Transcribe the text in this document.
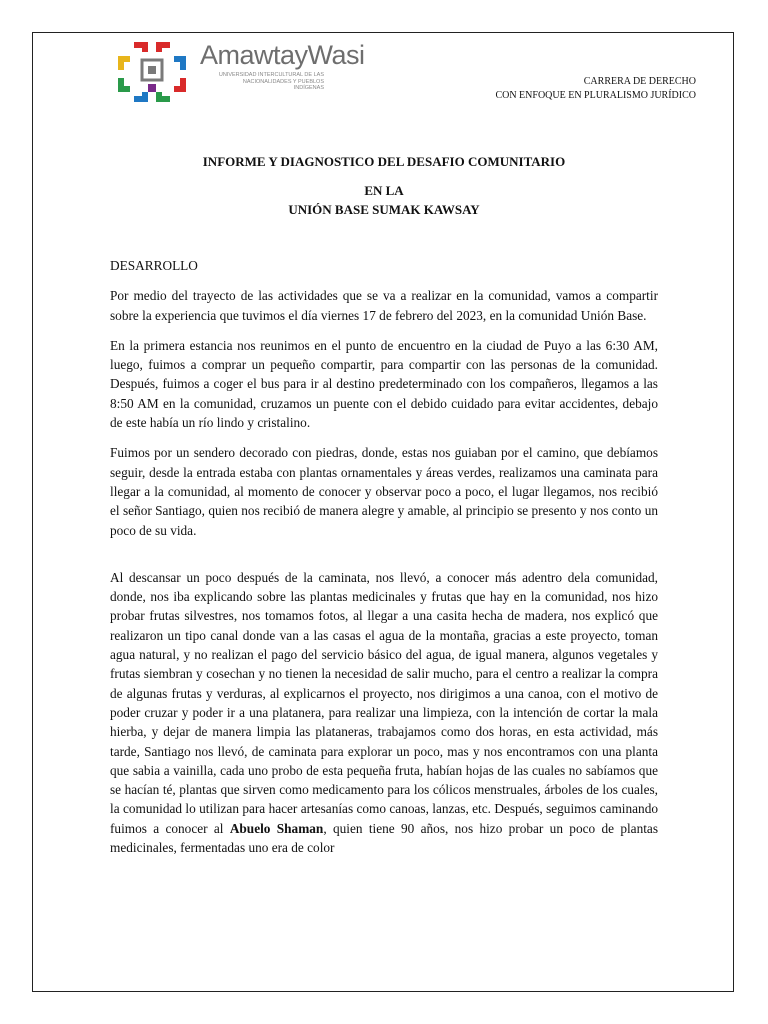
AmawtayWasi
UNIVERSIDAD INTERCULTURAL DE LAS NACIONALIDADES Y PUEBLOS INDÍGENAS
CARRERA DE DERECHO
CON ENFOQUE EN PLURALISMO JURÍDICO
INFORME Y DIAGNOSTICO DEL DESAFIO COMUNITARIO
EN LA
UNIÓN BASE SUMAK KAWSAY

DESARROLLO

Por medio del trayecto de las actividades que se va a realizar en la comunidad, vamos a compartir sobre la experiencia que tuvimos el día viernes 17 de febrero del 2023, en la comunidad Unión Base.

En la primera estancia nos reunimos en el punto de encuentro en la ciudad de Puyo a las 6:30 AM, luego, fuimos a comprar un pequeño compartir, para compartir con las personas de la comunidad. Después, fuimos a coger el bus para ir al destino predeterminado con los compañeros, llegamos a las 8:50 AM en la comunidad, cruzamos un puente con el debido cuidado para evitar accidentes, debajo de este había un río lindo y cristalino.

Fuimos por un sendero decorado con piedras, donde, estas nos guiaban por el camino, que debíamos seguir, desde la entrada estaba con plantas ornamentales y áreas verdes, realizamos una caminata para llegar a la comunidad, al momento de conocer y observar poco a poco, el lugar llegamos, nos recibió el señor Santiago, quien nos recibió de manera alegre y amable, al principio se presento y nos conto un poco de su vida.

Al descansar un poco después de la caminata, nos llevó, a conocer más adentro dela comunidad, donde, nos iba explicando sobre las plantas medicinales y frutas que hay en la comunidad, nos hizo probar frutas silvestres, nos tomamos fotos, al llegar a una casita hecha de madera, nos explicó que realizaron un tipo canal donde van a las casas el agua de la montaña, gracias a este proyecto, toman agua natural, y no realizan el pago del servicio básico del agua, de igual manera, algunos vegetales y frutas siembran y cosechan y no tienen la necesidad de salir mucho, para el centro a realizar la compra de algunas frutas y verduras, al explicarnos el proyecto, nos dirigimos a una canoa, con el motivo de poder cruzar y poder ir a una platanera, para realizar una limpieza, con la intención de cortar la mala hierba, y dejar de manera limpia las plataneras, trabajamos como dos horas, en esta actividad, más tarde, Santiago nos llevó, de caminata para explorar un poco, mas y nos encontramos con una planta que sabia a vainilla, cada uno probo de esta pequeña fruta, habían hojas de las cuales no sabíamos que se hacían té, plantas que sirven como medicamento para los cólicos menstruales, árboles de los cuales, la comunidad lo utilizan para hacer artesanías como canoas, lanzas, etc. Después, seguimos caminando fuimos a conocer al Abuelo Shaman, quien tiene 90 años, nos hizo probar un poco de plantas medicinales, fermentadas uno era de color
